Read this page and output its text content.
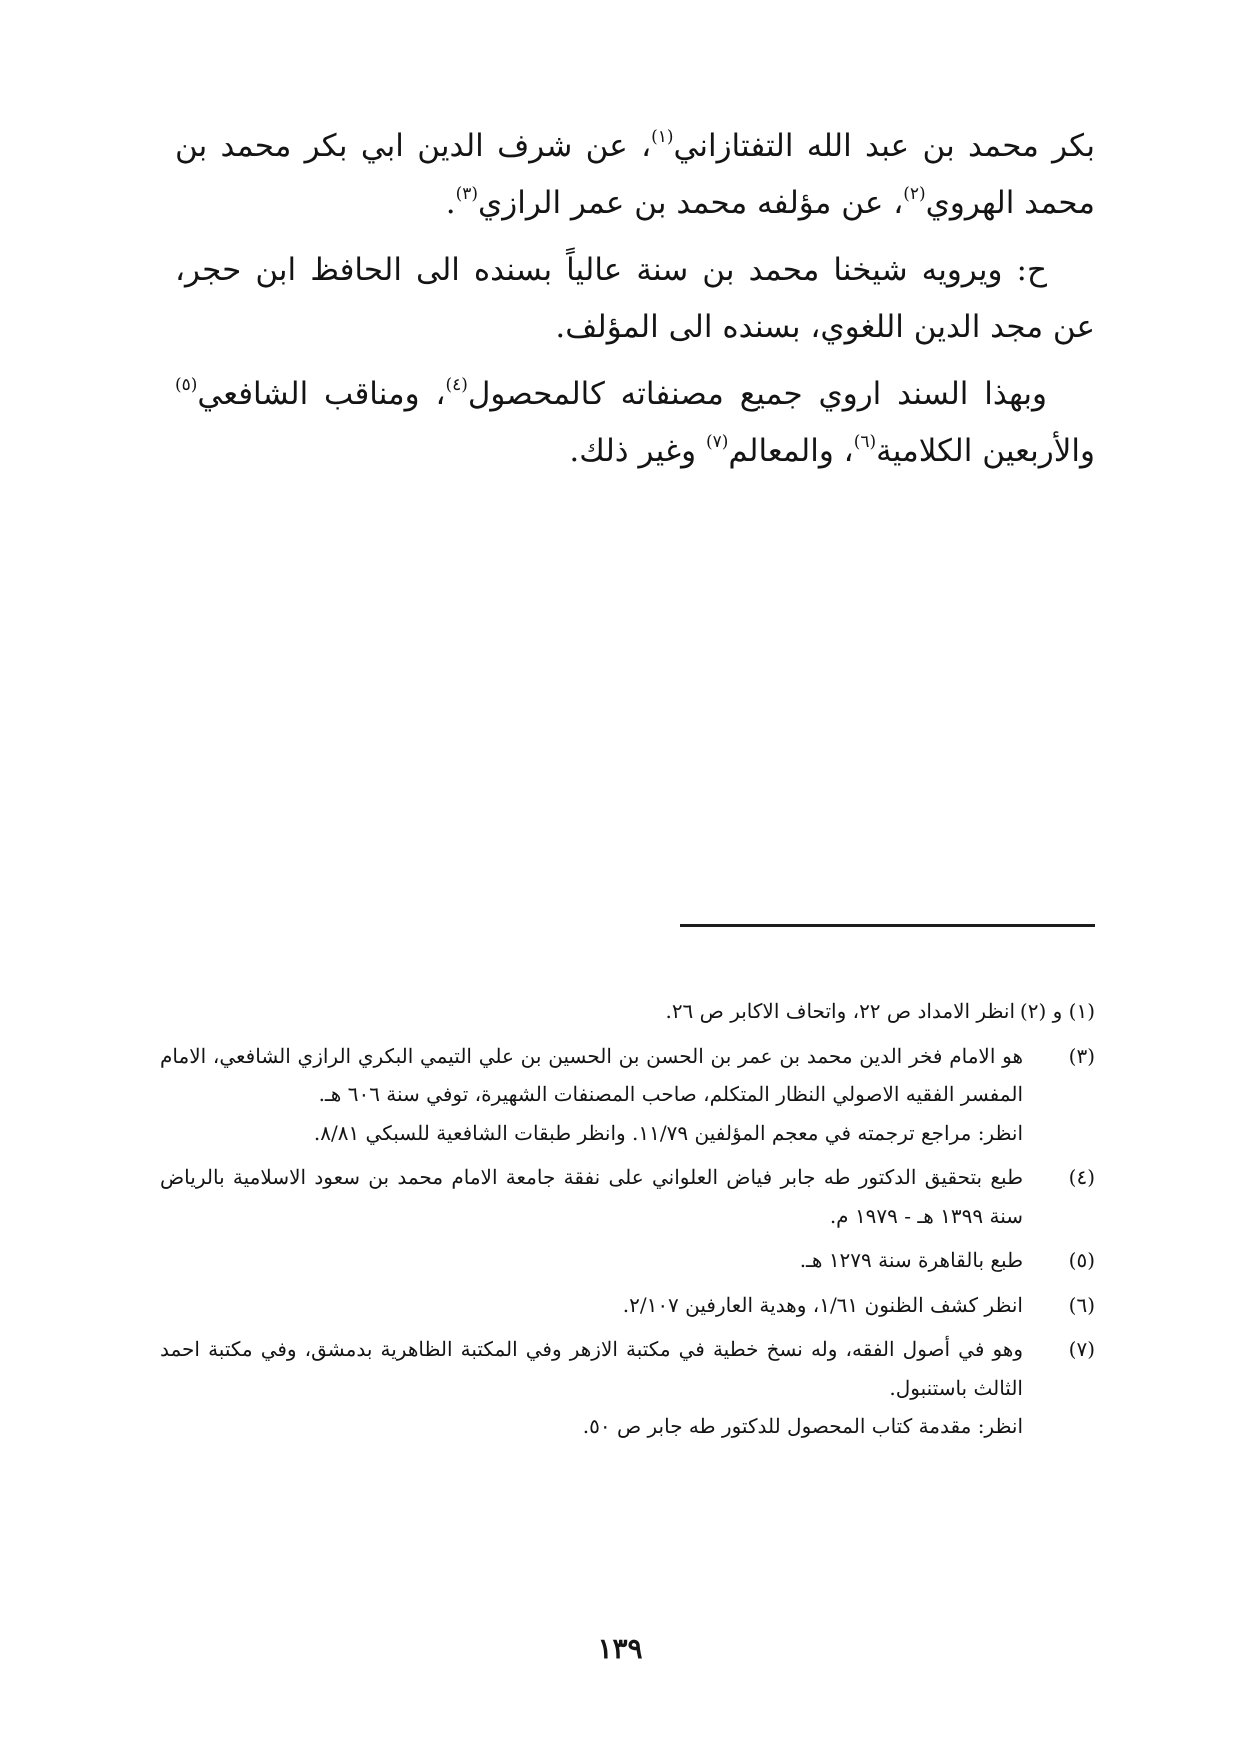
بكر محمد بن عبد الله التفتازاني$^{(١)}$، عن شرف الدين ابي بكر محمد بن محمد الهروي$^{(٢)}$، عن مؤلفه محمد بن عمر الرازي$^{(٣)}$.

ح: ويرويه شيخنا محمد بن سنة عالياً بسنده الى الحافظ ابن حجر، عن مجد الدين اللغوي، بسنده الى المؤلف.

وبهذا السند اروي جميع مصنفاته كالمحصول$^{(٤)}$، ومناقب الشافعي$^{(٥)}$ والأربعين الكلامية$^{(٦)}$، والمعالم$^{(٧)}$ وغير ذلك.

(١) و (٢)
انظر الامداد ص ٢٢، واتحاف الاكابر ص ٢٦.
(٣)
هو الامام فخر الدين محمد بن عمر بن الحسن بن الحسين بن علي التيمي البكري الرازي الشافعي، الامام المفسر الفقيه الاصولي النظار المتكلم، صاحب المصنفات الشهيرة، توفي سنة ٦٠٦ هـ.
انظر: مراجع ترجمته في معجم المؤلفين ١١/٧٩. وانظر طبقات الشافعية للسبكي ٨/٨١.
(٤)
طبع بتحقيق الدكتور طه جابر فياض العلواني على نفقة جامعة الامام محمد بن سعود الاسلامية بالرياض سنة ١٣٩٩ هـ - ١٩٧٩ م.
(٥)
طبع بالقاهرة سنة ١٢٧٩ هـ.
(٦)
انظر كشف الظنون ١/٦١، وهدية العارفين ٢/١٠٧.
(٧)
وهو في أصول الفقه، وله نسخ خطية في مكتبة الازهر وفي المكتبة الظاهرية بدمشق، وفي مكتبة احمد الثالث باستنبول.
انظر: مقدمة كتاب المحصول للدكتور طه جابر ص ٥٠.
١٣٩
